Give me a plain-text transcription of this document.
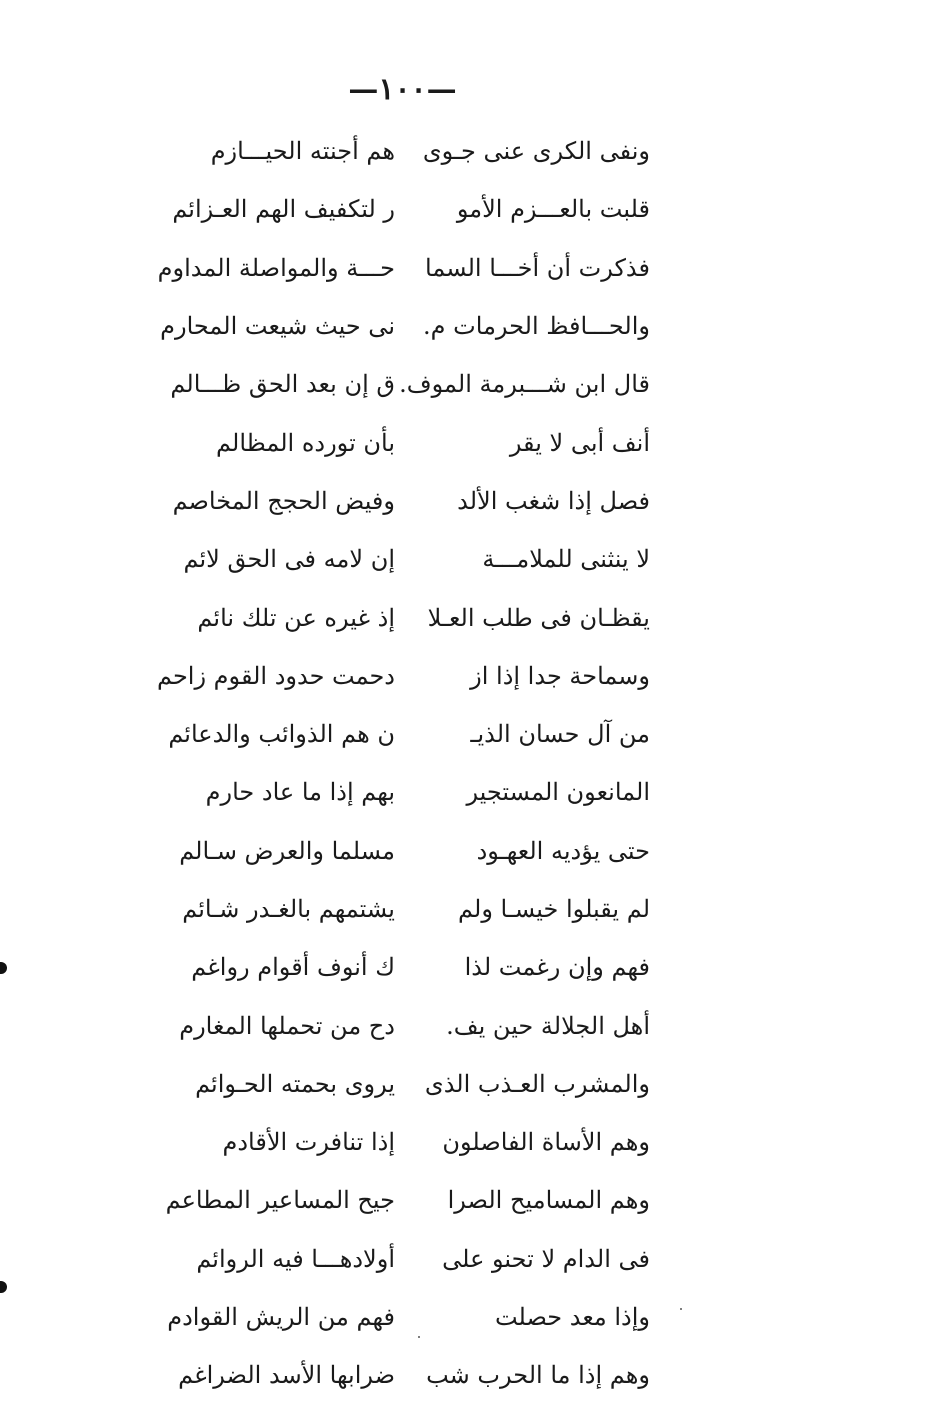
—١٠٠—
ونفى الكرى عنى جـوى
هم أجنته الحيـــازم
قلبت بالعـــزم الأمو
ر لتكفيف الهم العـزائم
فذكرت أن أخـــا السما
حـــة والمواصلة المداوم
والحـــافظ الحرمات م.
نى حيث شيعت المحارم
قال ابن شـــبرمة الموف.
ق إن بعد الحق ظـــالم
أنف أبى لا يقر
بأن تورده المظالم
فصل إذا شغب الألد
وفيض الحجج المخاصم
لا ينثنى للملامـــة
إن لامه فى الحق لائم
يقظـان فى طلب العـلا
إذ غيره عن تلك نائم
وسماحة جدا إذا از
دحمت حدود القوم زاحم
من آل حسان الذيـ
ن هم الذوائب والدعائم
المانعون المستجير
بهم إذا ما عاد حارم
حتى يؤديه العهـود
مسلما والعرض سـالم
لم يقبلوا خيسـا ولم
يشتمهم بالغـدر شـائم
فهم وإن رغمت لذا
ك أنوف أقوام رواغم
أهل الجلالة حين يف.
دح من تحملها المغارم
والمشرب العـذب الذى
يروى بحمته الحـوائم
وهم الأساة الفاصلون
إذا تنافرت الأقادم
وهم المساميح الصرا
جيح المساعير المطاعم
فى الدام لا تحنو على
أولادهـــا فيه الروائم
وإذا معد حصلت
فهم من الريش القوادم
وهم إذا ما الحرب شب
ضرابها الأسد الضراغم
